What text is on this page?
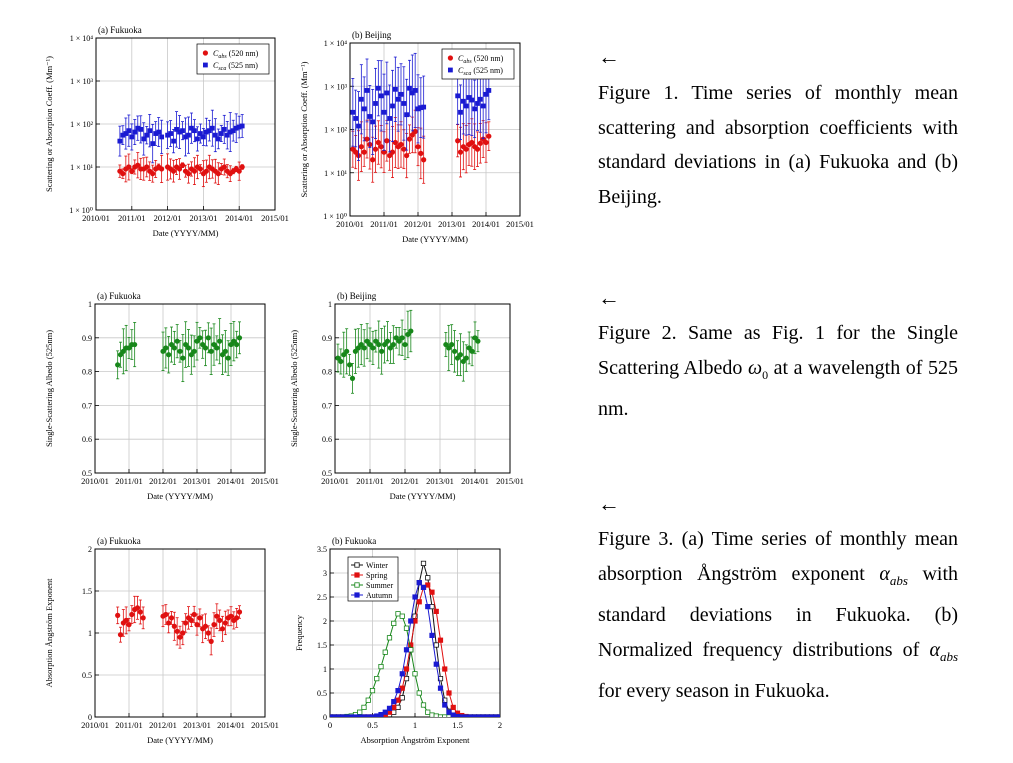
2010/01 2011/01 2012/01 2013/01 2014/01 2015/01
1 × 10⁰
1 × 10¹
1 × 10²
1 × 10³
1 × 10⁴
(a) Fukuoka
Date (YYYY/MM)
Scattering or Absorption Coeff. (Mm⁻¹)
$C_{abs}$ (520 nm)
$C_{sca}$ (525 nm)
2010/01 2011/01 2012/01 2013/01 2014/01 2015/01
1 × 10⁰
1 × 10¹
1 × 10²
1 × 10³
1 × 10⁴
(b) Beijing
Date (YYYY/MM)
Scattering or Absorption Coeff. (Mm⁻¹)
$C_{abs}$ (520 nm)
$C_{sca}$ (525 nm)
2010/01 2011/01 2012/01 2013/01 2014/01 2015/01
0.5
0.6
0.7
0.8
0.9
1
(a) Fukuoka
Date (YYYY/MM)
Single-Scattering Albedo (525nm)
2010/01 2011/01 2012/01 2013/01 2014/01 2015/01
0.5
0.6
0.7
0.8
0.9
1
(b) Beijing
Date (YYYY/MM)
Single-Scattering Albedo (525nm)
2010/01 2011/01 2012/01 2013/01 2014/01 2015/01
0
0.5
1
1.5
2
(a) Fukuoka
Date (YYYY/MM)
Absorption Ångström Exponent
0	0.5	1	1.5	2
0
0.5
1
1.5
2
2.5
3
3.5
(b) Fukuoka
Absorption Ångström Exponent
Frequency
Winter
Spring
Summer
Autumn
←
Figure 1. Time series of monthly mean scattering and absorption coefficients with standard deviations in (a) Fukuoka and (b) Beijing.
←
Figure 2. Same as Fig. 1 for the Single Scattering Albedo $\omega_0$ at a wavelength of 525 nm.
←
Figure 3. (a) Time series of monthly mean absorption Ångström exponent $\alpha_{abs}$ with standard deviations in Fukuoka. (b) Normalized frequency distributions of $\alpha_{abs}$ for every season in Fukuoka.
